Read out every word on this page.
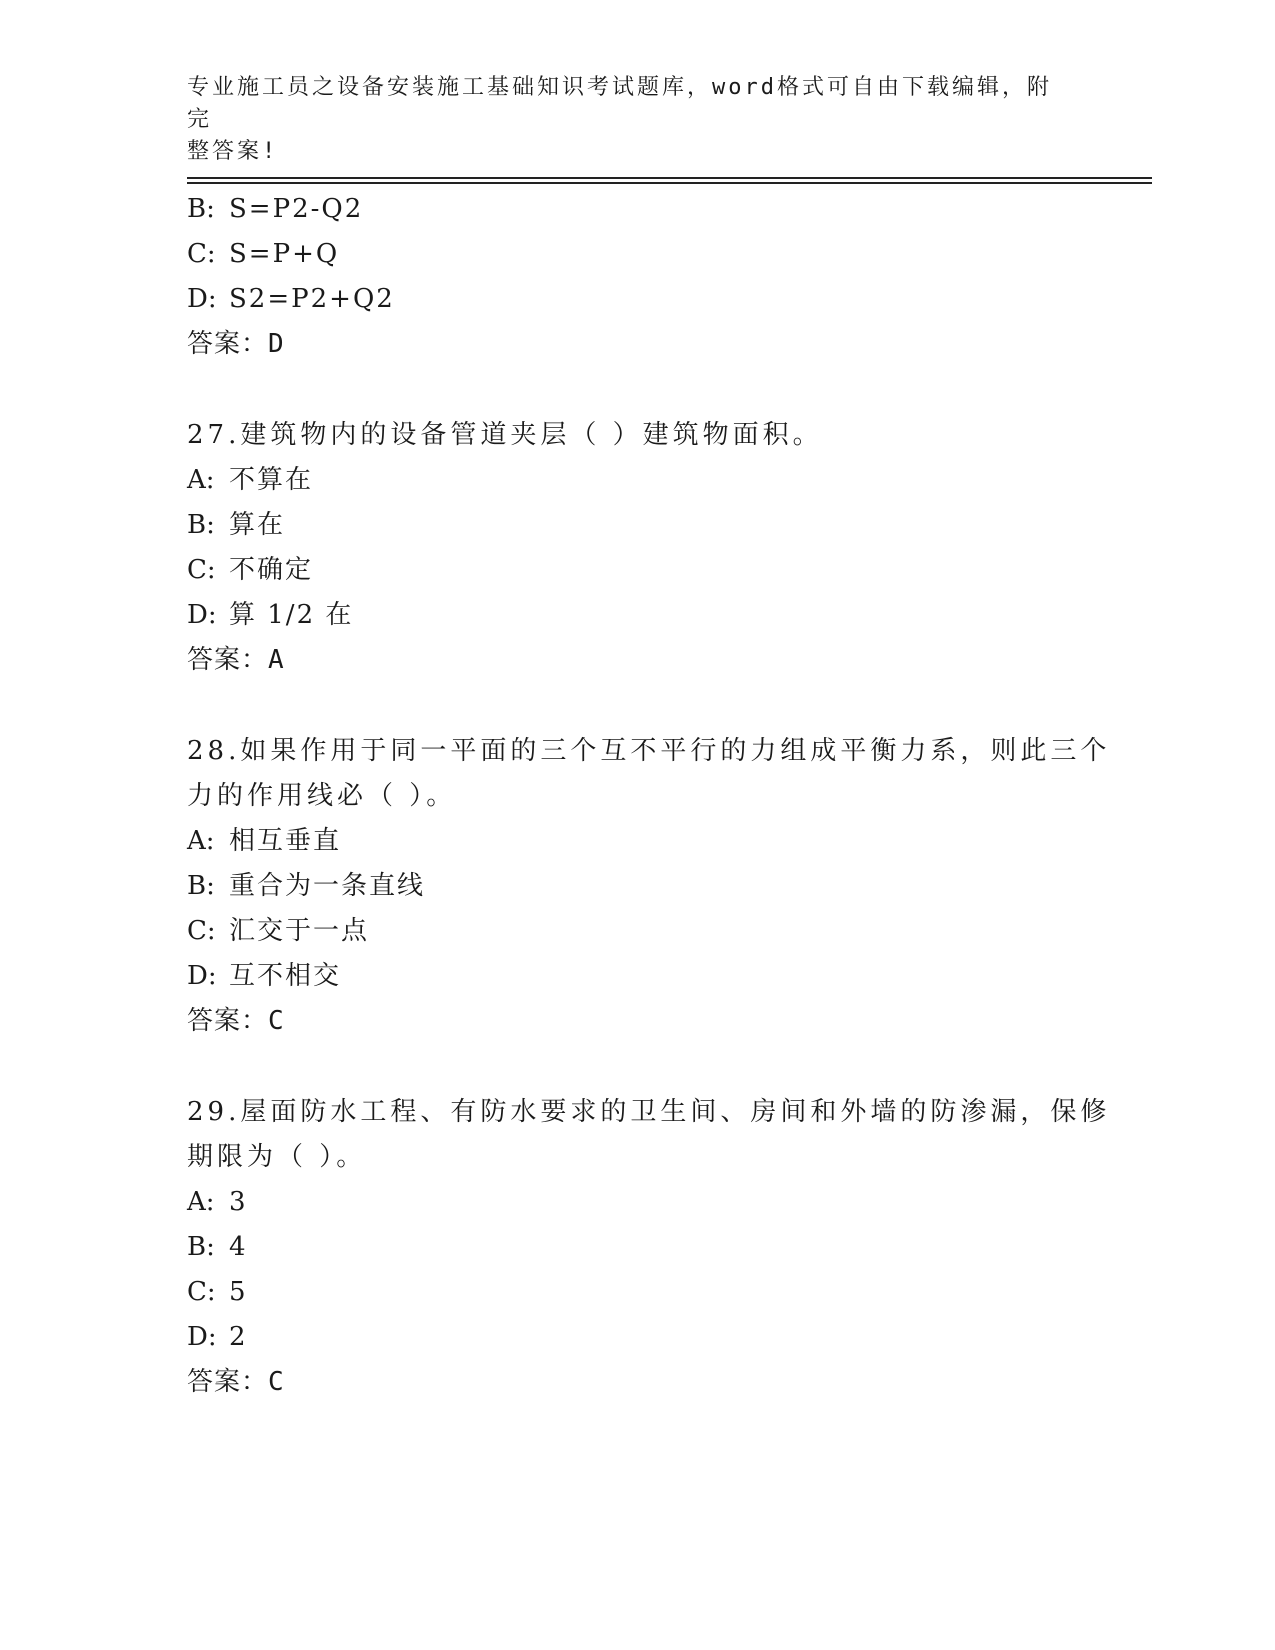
专业施工员之设备安装施工基础知识考试题库，word格式可自由下载编辑，附完
整答案!
B: S=P2-Q2
C: S=P+Q
D: S2=P2+Q2
答案：D
27.建筑物内的设备管道夹层（ ）建筑物面积。
A: 不算在
B: 算在
C: 不确定
D: 算 1/2 在
答案：A
28.如果作用于同一平面的三个互不平行的力组成平衡力系，则此三个
力的作用线必（ ）。
A: 相互垂直
B: 重合为一条直线
C: 汇交于一点
D: 互不相交
答案：C
29.屋面防水工程、有防水要求的卫生间、房间和外墙的防渗漏，保修
期限为（ ）。
A: 3
B: 4
C: 5
D: 2
答案：C
